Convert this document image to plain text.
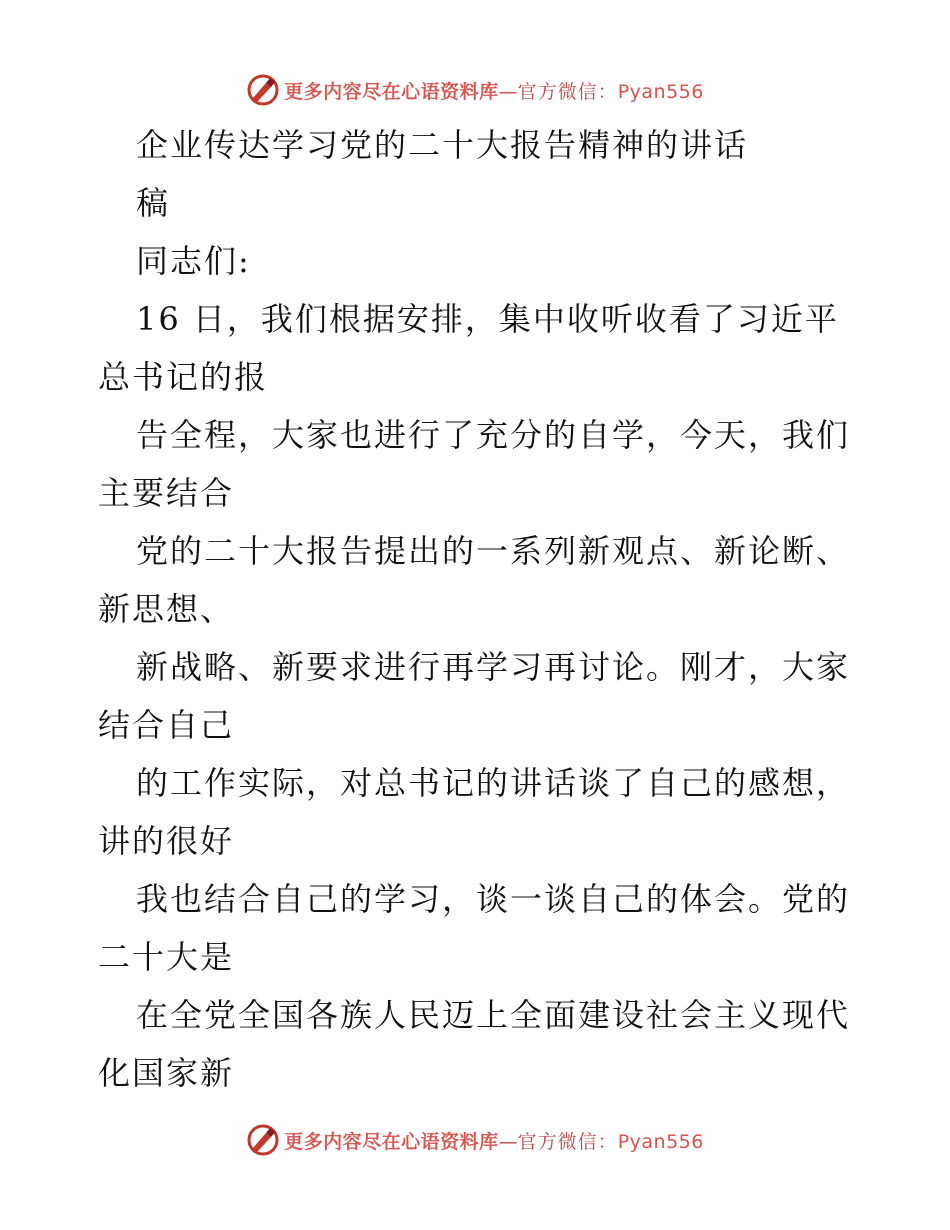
更多内容尽在心语资料库—官方微信：Pyan556
企业传达学习党的二十大报告精神的讲话
稿
同志们:
16 日，我们根据安排，集中收听收看了习近平
总书记的报
告全程，大家也进行了充分的自学，今天，我们
主要结合
党的二十大报告提出的一系列新观点、新论断、
新思想、
新战略、新要求进行再学习再讨论。刚才，大家
结合自己
的工作实际，对总书记的讲话谈了自己的感想，
讲的很好
我也结合自己的学习，谈一谈自己的体会。党的
二十大是
在全党全国各族人民迈上全面建设社会主义现代
化国家新
更多内容尽在心语资料库—官方微信：Pyan556
